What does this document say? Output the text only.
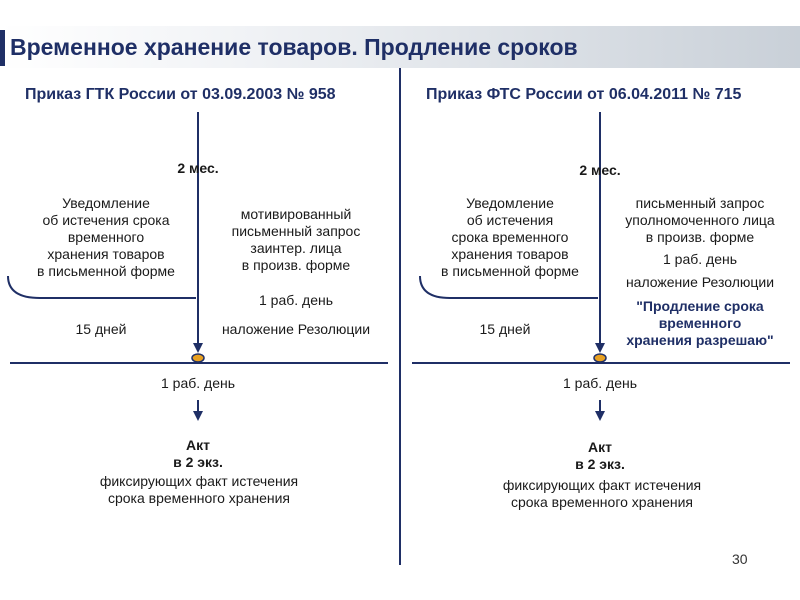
Временное хранение товаров. Продление сроков
Приказ ГТК России от 03.09.2003 № 958
2 мес.
Уведомление
об истечения срока
временного
хранения товаров
в письменной форме
мотивированный
письменный запрос
заинтер. лица
в произв. форме
1 раб. день
15 дней	наложение Резолюции
1 раб. день
Акт
в 2 экз.
фиксирующих факт истечения
срока временного хранения
Приказ ФТС России от 06.04.2011 № 715
2 мес.
Уведомление
об истечения
срока временного
хранения товаров
в письменной форме
письменный запрос
уполномоченного лица
в произв. форме
1 раб. день
наложение Резолюции
"Продление срока
временного
хранения разрешаю"
15 дней
1 раб. день
Акт
в 2 экз.
фиксирующих факт истечения
срока временного хранения
30
